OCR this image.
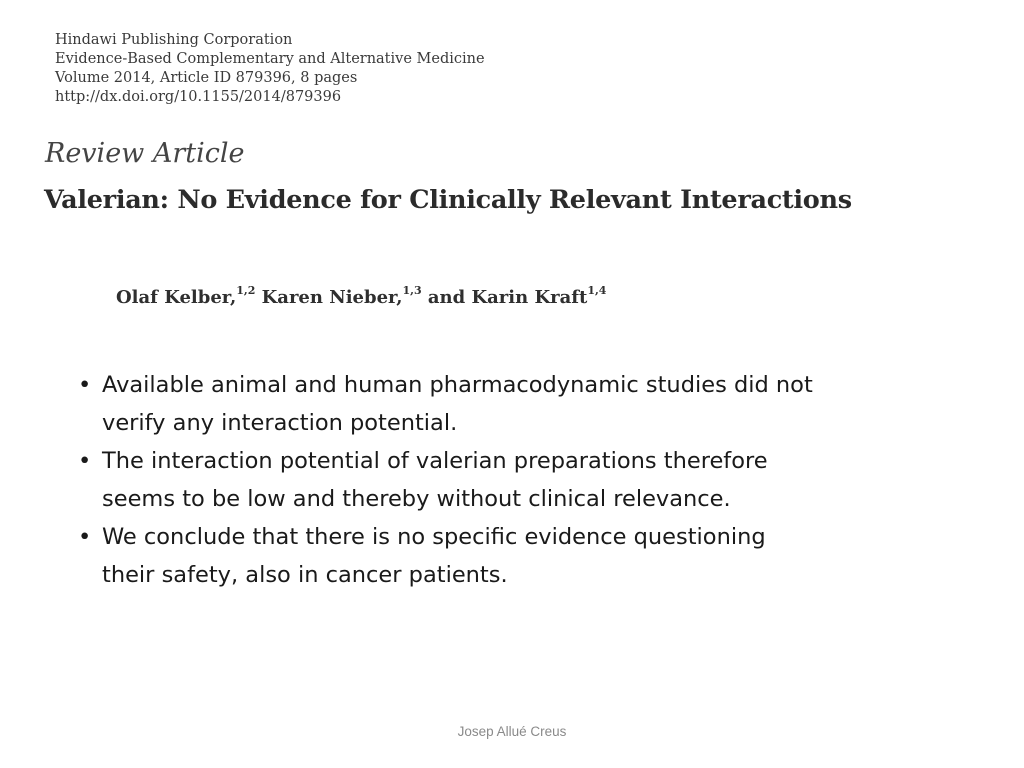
Hindawi Publishing Corporation
Evidence-Based Complementary and Alternative Medicine
Volume 2014, Article ID 879396, 8 pages
http://dx.doi.org/10.1155/2014/879396
Review Article
Valerian: No Evidence for Clinically Relevant Interactions
Olaf Kelber,$^{1,2}$ Karen Nieber,$^{1,3}$ and Karin Kraft$^{1,4}$
• Available animal and human pharmacodynamic studies did not
verify any interaction potential.
• The interaction potential of valerian preparations therefore
seems to be low and thereby without clinical relevance.
• We conclude that there is no specific evidence questioning
their safety, also in cancer patients.
Josep Allué Creus
